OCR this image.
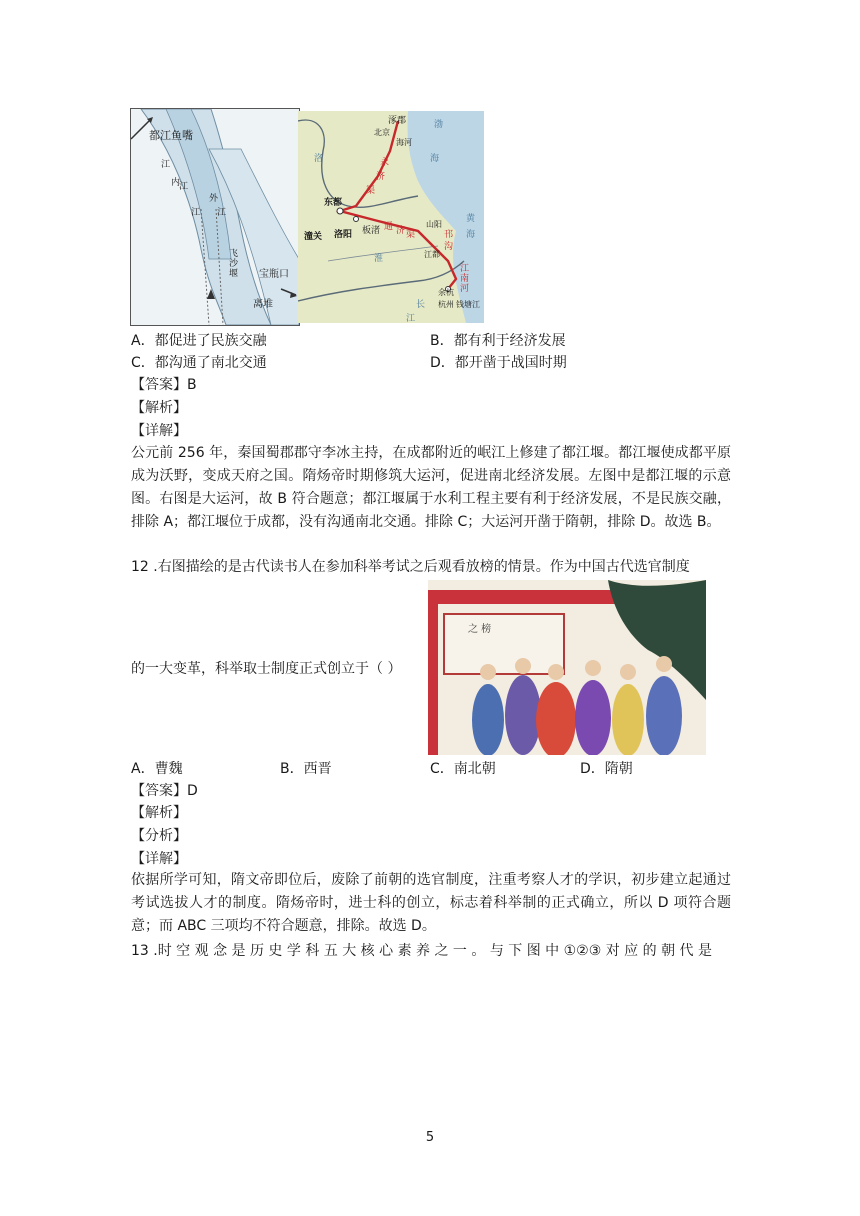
都江鱼嘴
江
江
内
外
江
江
飞沙堰 宝瓶口
离堆
涿郡
北京
海河
渤
海
永
济
渠
洛
东都
潼关 洛阳 板渚 通 济 渠
山阳
邗
沟
黄
海
江都
江
南
河
余杭
杭州 钱塘江
长
江
淮
A．都促进了民族交融	B．都有利于经济发展
C．都沟通了南北交通	D．都开凿于战国时期
【答案】B
【解析】
【详解】
公元前 256 年，秦国蜀郡郡守李冰主持，在成都附近的岷江上修建了都江堰。都江堰使成都平原成为沃野，变成天府之国。隋炀帝时期修筑大运河，促进南北经济发展。左图中是都江堰的示意图。右图是大运河，故 B 符合题意；都江堰属于水利工程主要有利于经济发展，不是民族交融，排除 A；都江堰位于成都，没有沟通南北交通。排除 C；大运河开凿于隋朝，排除 D。故选 B。
12 .右图描绘的是古代读书人在参加科举考试之后观看放榜的情景。作为中国古代选官制度
之 榜
的一大变革，科举取士制度正式创立于（ ）
A．曹魏	B．西晋	C．南北朝	D．隋朝
【答案】D
【解析】
【分析】
【详解】
依据所学可知，隋文帝即位后，废除了前朝的选官制度，注重考察人才的学识，初步建立起通过考试选拔人才的制度。隋炀帝时，进士科的创立，标志着科举制的正式确立，所以 D 项符合题意；而 ABC 三项均不符合题意，排除。故选 D。
13 .时 空 观 念 是 历 史 学 科 五 大 核 心 素 养 之 一 。 与 下 图 中 ①②③ 对 应 的 朝 代 是
5
